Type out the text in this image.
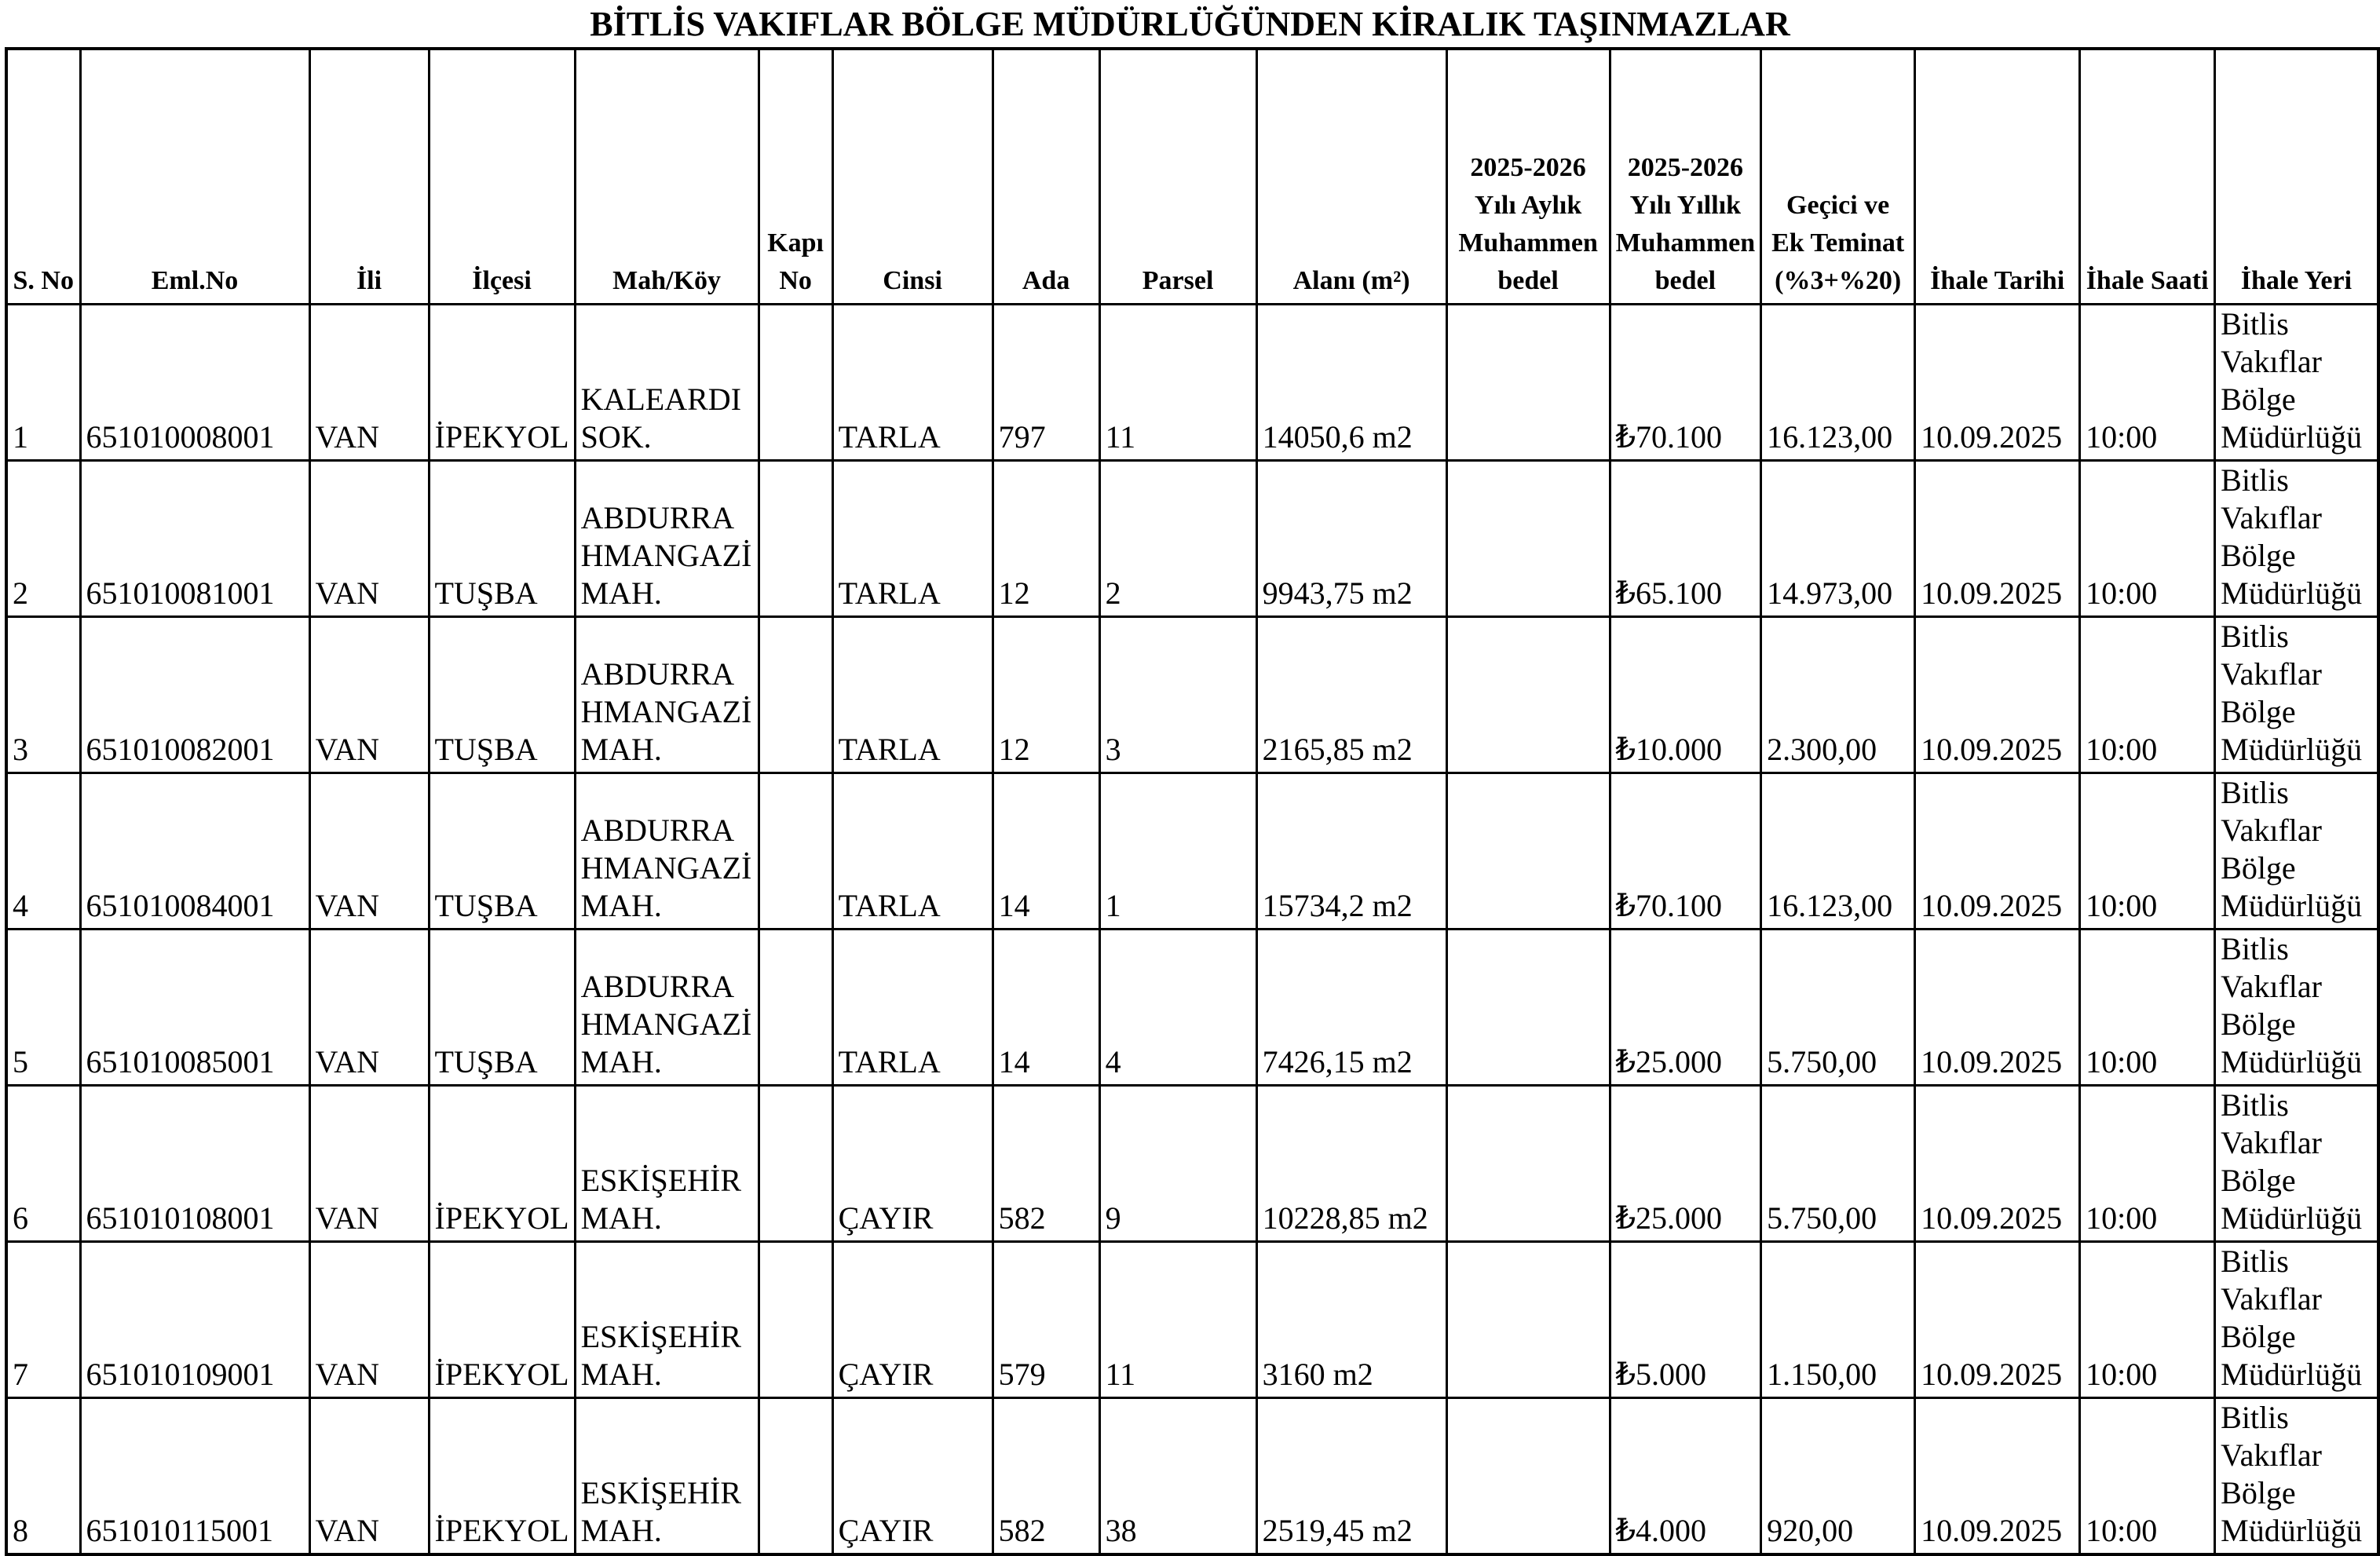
BİTLİS VAKIFLAR BÖLGE MÜDÜRLÜĞÜNDEN KİRALIK TAŞINMAZLAR
S. No	Eml.No	İli	İlçesi	Mah/Köy	Kapı No	Cinsi	Ada	Parsel	Alanı (m²)	2025-2026 Yılı Aylık Muhammen bedel	2025-2026 Yılı Yıllık Muhammen bedel	Geçici ve Ek Teminat (%3+%20)	İhale Tarihi	İhale Saati	İhale Yeri
1	651010008001	VAN	İPEKYOL	KALEARDI SOK.		TARLA	797	11	14050,6 m2		₺70.100	16.123,00	10.09.2025	10:00	Bitlis Vakıflar Bölge Müdürlüğü
2	651010081001	VAN	TUŞBA	ABDURRAHMANGAZİ MAH.		TARLA	12	2	9943,75 m2		₺65.100	14.973,00	10.09.2025	10:00	Bitlis Vakıflar Bölge Müdürlüğü
3	651010082001	VAN	TUŞBA	ABDURRAHMANGAZİ MAH.		TARLA	12	3	2165,85 m2		₺10.000	2.300,00	10.09.2025	10:00	Bitlis Vakıflar Bölge Müdürlüğü
4	651010084001	VAN	TUŞBA	ABDURRAHMANGAZİ MAH.		TARLA	14	1	15734,2 m2		₺70.100	16.123,00	10.09.2025	10:00	Bitlis Vakıflar Bölge Müdürlüğü
5	651010085001	VAN	TUŞBA	ABDURRAHMANGAZİ MAH.		TARLA	14	4	7426,15 m2		₺25.000	5.750,00	10.09.2025	10:00	Bitlis Vakıflar Bölge Müdürlüğü
6	651010108001	VAN	İPEKYOL	ESKİŞEHİR MAH.		ÇAYIR	582	9	10228,85 m2		₺25.000	5.750,00	10.09.2025	10:00	Bitlis Vakıflar Bölge Müdürlüğü
7	651010109001	VAN	İPEKYOL	ESKİŞEHİR MAH.		ÇAYIR	579	11	3160 m2		₺5.000	1.150,00	10.09.2025	10:00	Bitlis Vakıflar Bölge Müdürlüğü
8	651010115001	VAN	İPEKYOL	ESKİŞEHİR MAH.		ÇAYIR	582	38	2519,45 m2		₺4.000	920,00	10.09.2025	10:00	Bitlis Vakıflar Bölge Müdürlüğü
